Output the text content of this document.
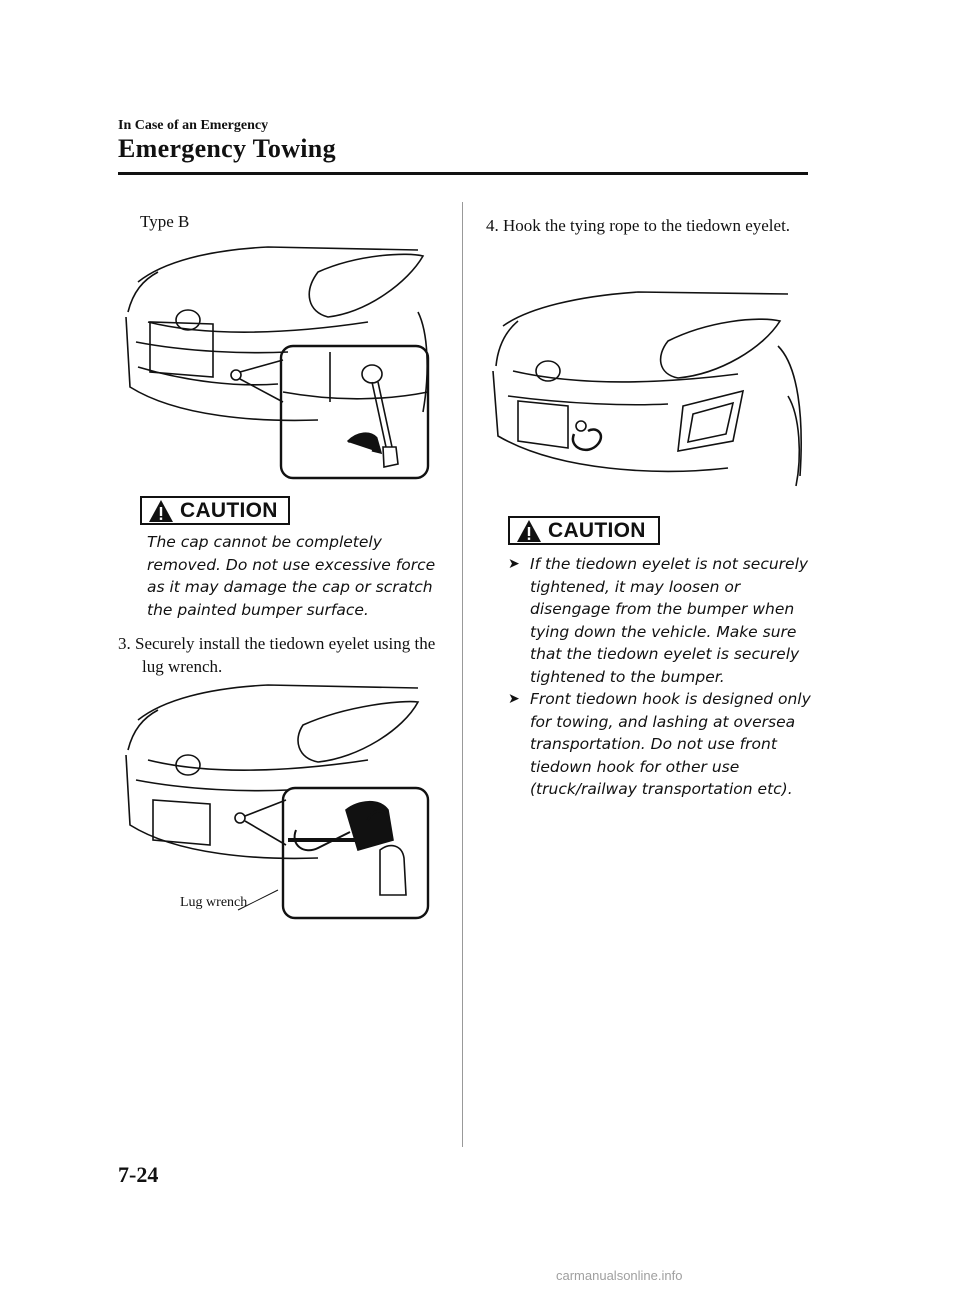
In Case of an Emergency
Emergency Towing
Type B
CAUTION
The cap cannot be completely removed. Do not use excessive force as it may damage the cap or scratch the painted bumper surface.
3. Securely install the tiedown eyelet using the lug wrench.
Lug wrench
4. Hook the tying rope to the tiedown eyelet.
CAUTION
➤ If the tiedown eyelet is not securely tightened, it may loosen or disengage from the bumper when tying down the vehicle. Make sure that the tiedown eyelet is securely tightened to the bumper.
➤ Front tiedown hook is designed only for towing, and lashing at oversea transportation. Do not use front tiedown hook for other use (truck/railway transportation etc).
7-24
carmanualsonline.info
